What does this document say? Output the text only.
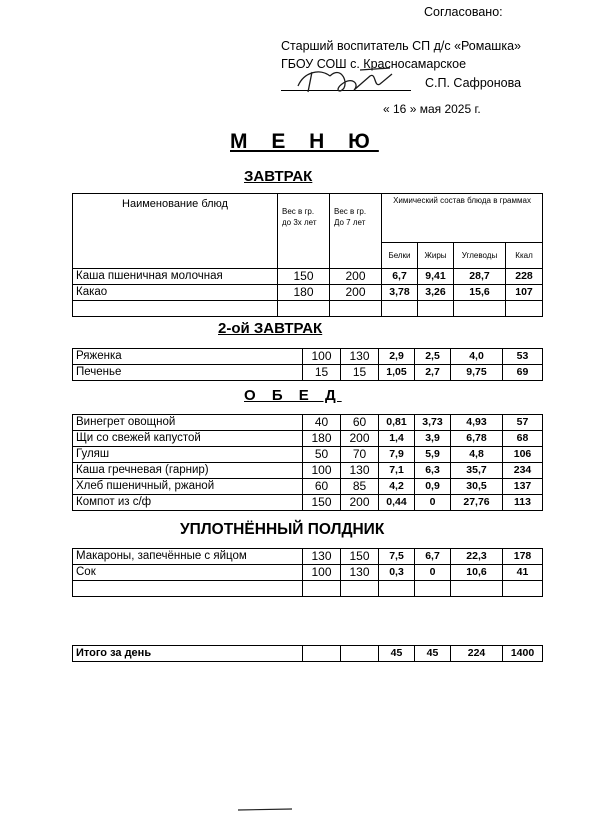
Согласовано:
Старший воспитатель СП д/с «Ромашка»
ГБОУ СОШ с. Красносамарское
С.П. Сафронова
« 16 » мая 2025 г.
М Е Н Ю
ЗАВТРАК
Наименование блюд	Вес в гр. до 3х лет	Вес в гр. До 7 лет	Химический состав блюда в граммах			
			Белки	Жиры	Углеводы	Ккал
Каша пшеничная молочная	150	200	6,7	9,41	28,7	228
Какао	180	200	3,78	3,26	15,6	107

2-ой ЗАВТРАК
Ряженка	100	130	2,9	2,5	4,0	53
Печенье	15	15	1,05	2,7	9,75	69
О Б Е Д
Винегрет овощной	40	60	0,81	3,73	4,93	57
Щи со свежей капустой	180	200	1,4	3,9	6,78	68
Гуляш	50	70	7,9	5,9	4,8	106
Каша гречневая (гарнир)	100	130	7,1	6,3	35,7	234
Хлеб пшеничный, ржаной	60	85	4,2	0,9	30,5	137
Компот из с/ф	150	200	0,44	0	27,76	113
УПЛОТНЁННЫЙ ПОЛДНИК
Макароны, запечённые с яйцом	130	150	7,5	6,7	22,3	178
Сок	100	130	0,3	0	10,6	41

Итого за день			45	45	224	1400
